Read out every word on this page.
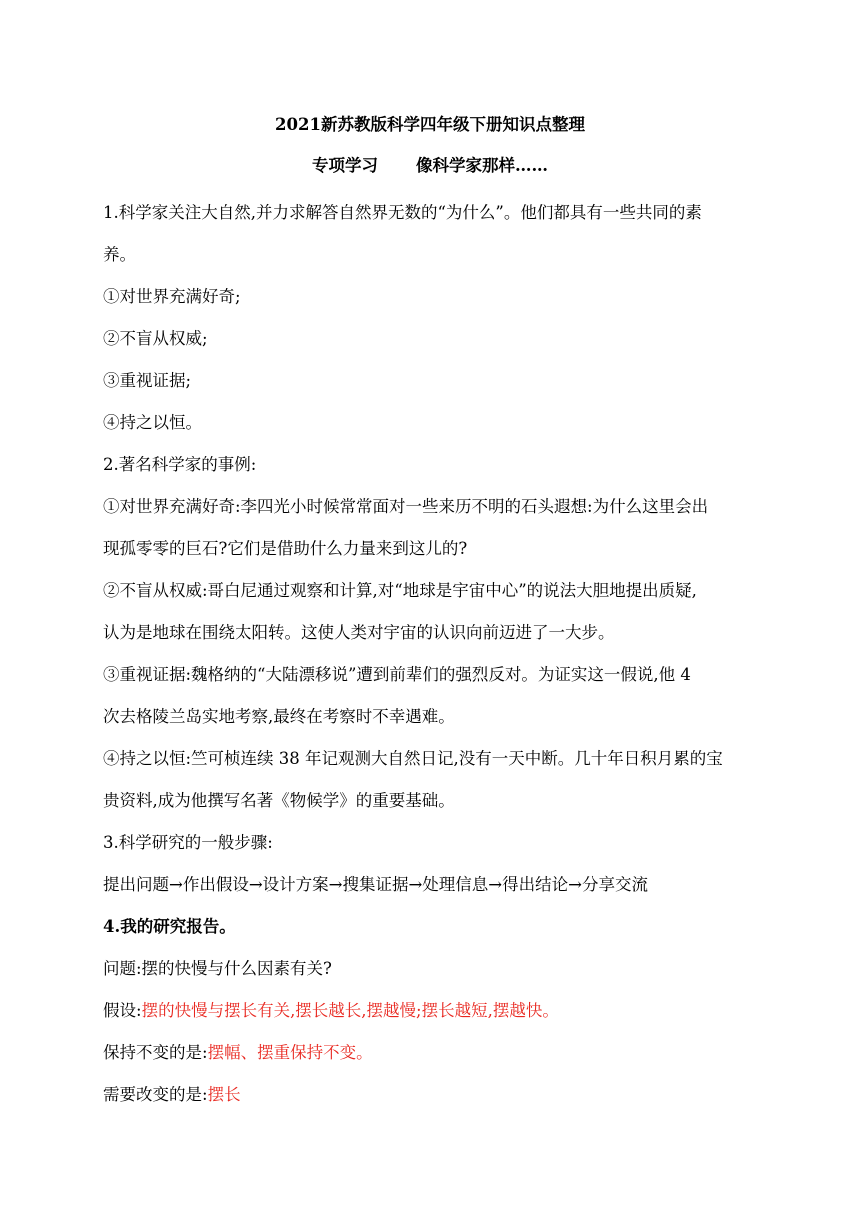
2021新苏教版科学四年级下册知识点整理
专项学习 像科学家那样……

1.科学家关注大自然,并力求解答自然界无数的“为什么”。他们都具有一些共同的素

养。

①对世界充满好奇;

②不盲从权威;

③重视证据;

④持之以恒。

2.著名科学家的事例:

①对世界充满好奇:李四光小时候常常面对一些来历不明的石头遐想:为什么这里会出

现孤零零的巨石?它们是借助什么力量来到这儿的?

②不盲从权威:哥白尼通过观察和计算,对“地球是宇宙中心”的说法大胆地提出质疑,

认为是地球在围绕太阳转。这使人类对宇宙的认识向前迈进了一大步。

③重视证据:魏格纳的“大陆漂移说”遭到前辈们的强烈反对。为证实这一假说,他 4

次去格陵兰岛实地考察,最终在考察时不幸遇难。

④持之以恒:竺可桢连续 38 年记观测大自然日记,没有一天中断。几十年日积月累的宝

贵资料,成为他撰写名著《物候学》的重要基础。

3.科学研究的一般步骤:

提出问题→作出假设→设计方案→搜集证据→处理信息→得出结论→分享交流

4.我的研究报告。

问题:摆的快慢与什么因素有关?

假设:摆的快慢与摆长有关,摆长越长,摆越慢;摆长越短,摆越快。

保持不变的是:摆幅、摆重保持不变。

需要改变的是:摆长
